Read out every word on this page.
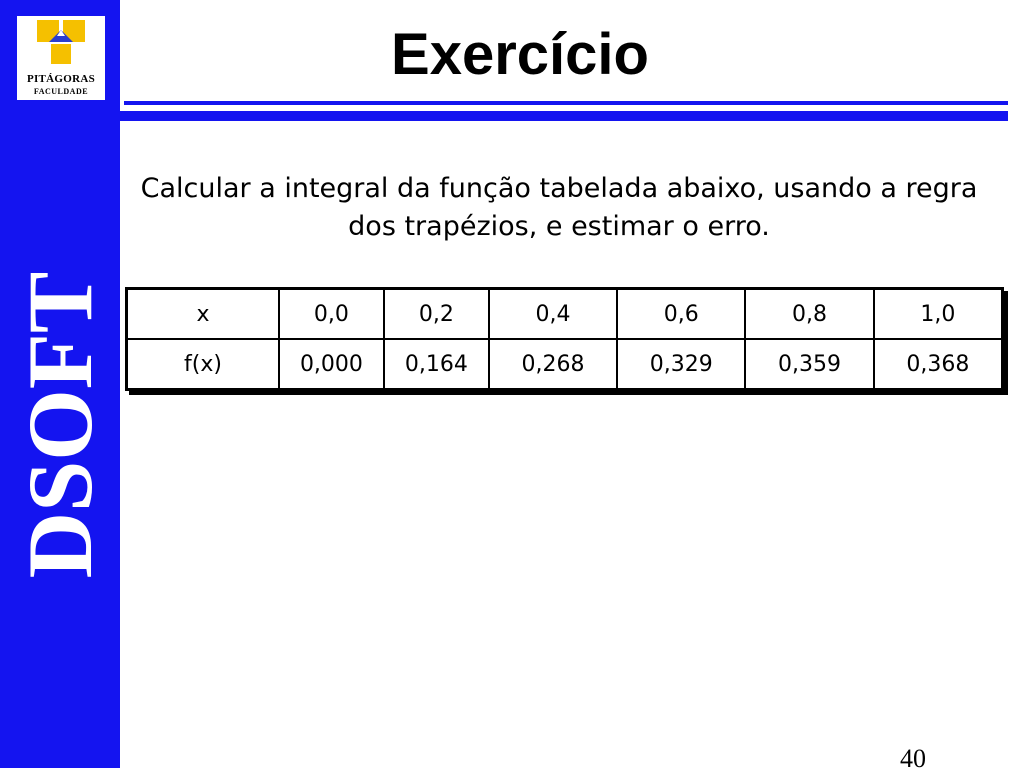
PITÁGORAS
FACULDADE
DSOFT
Exercício
Calcular a integral da função tabelada abaixo, usando a regra dos trapézios, e estimar o erro.
x	0,0	0,2	0,4	0,6	0,8	1,0
f(x)	0,000	0,164	0,268	0,329	0,359	0,368
40
